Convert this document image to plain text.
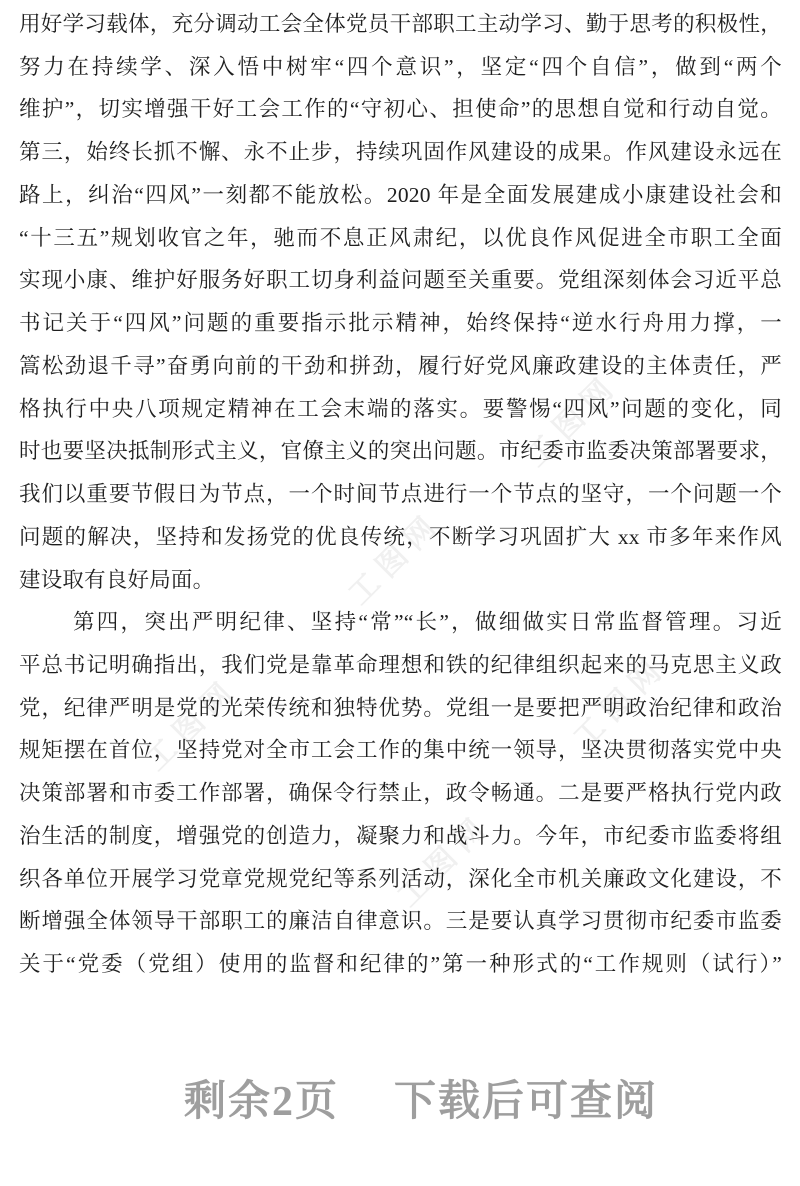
工图网
工图网
工图网	工图网
工图网
用好学习载体，充分调动工会全体党员干部职工主动学习、勤于思考的积极性，
努力在持续学、深入悟中树牢“四个意识”，坚定“四个自信”，做到“两个
维护”，切实增强干好工会工作的“守初心、担使命”的思想自觉和行动自觉。
第三，始终长抓不懈、永不止步，持续巩固作风建设的成果。作风建设永远在
路上，纠治“四风”一刻都不能放松。2020 年是全面发展建成小康建设社会和
“十三五”规划收官之年，驰而不息正风肃纪，以优良作风促进全市职工全面
实现小康、维护好服务好职工切身利益问题至关重要。党组深刻体会习近平总
书记关于“四风”问题的重要指示批示精神，始终保持“逆水行舟用力撑，一
篙松劲退千寻”奋勇向前的干劲和拼劲，履行好党风廉政建设的主体责任，严
格执行中央八项规定精神在工会末端的落实。要警惕“四风”问题的变化，同
时也要坚决抵制形式主义，官僚主义的突出问题。市纪委市监委决策部署要求，
我们以重要节假日为节点，一个时间节点进行一个节点的坚守，一个问题一个
问题的解决，坚持和发扬党的优良传统，不断学习巩固扩大 xx 市多年来作风
建设取有良好局面。
第四，突出严明纪律、坚持“常”“长”，做细做实日常监督管理。习近
平总书记明确指出，我们党是靠革命理想和铁的纪律组织起来的马克思主义政
党，纪律严明是党的光荣传统和独特优势。党组一是要把严明政治纪律和政治
规矩摆在首位，坚持党对全市工会工作的集中统一领导，坚决贯彻落实党中央
决策部署和市委工作部署，确保令行禁止，政令畅通。二是要严格执行党内政
治生活的制度，增强党的创造力，凝聚力和战斗力。今年，市纪委市监委将组
织各单位开展学习党章党规党纪等系列活动，深化全市机关廉政文化建设，不
断增强全体领导干部职工的廉洁自律意识。三是要认真学习贯彻市纪委市监委
关于“党委（党组）使用的监督和纪律的”第一种形式的“工作规则（试行）”
剩余2页 下载后可查阅
